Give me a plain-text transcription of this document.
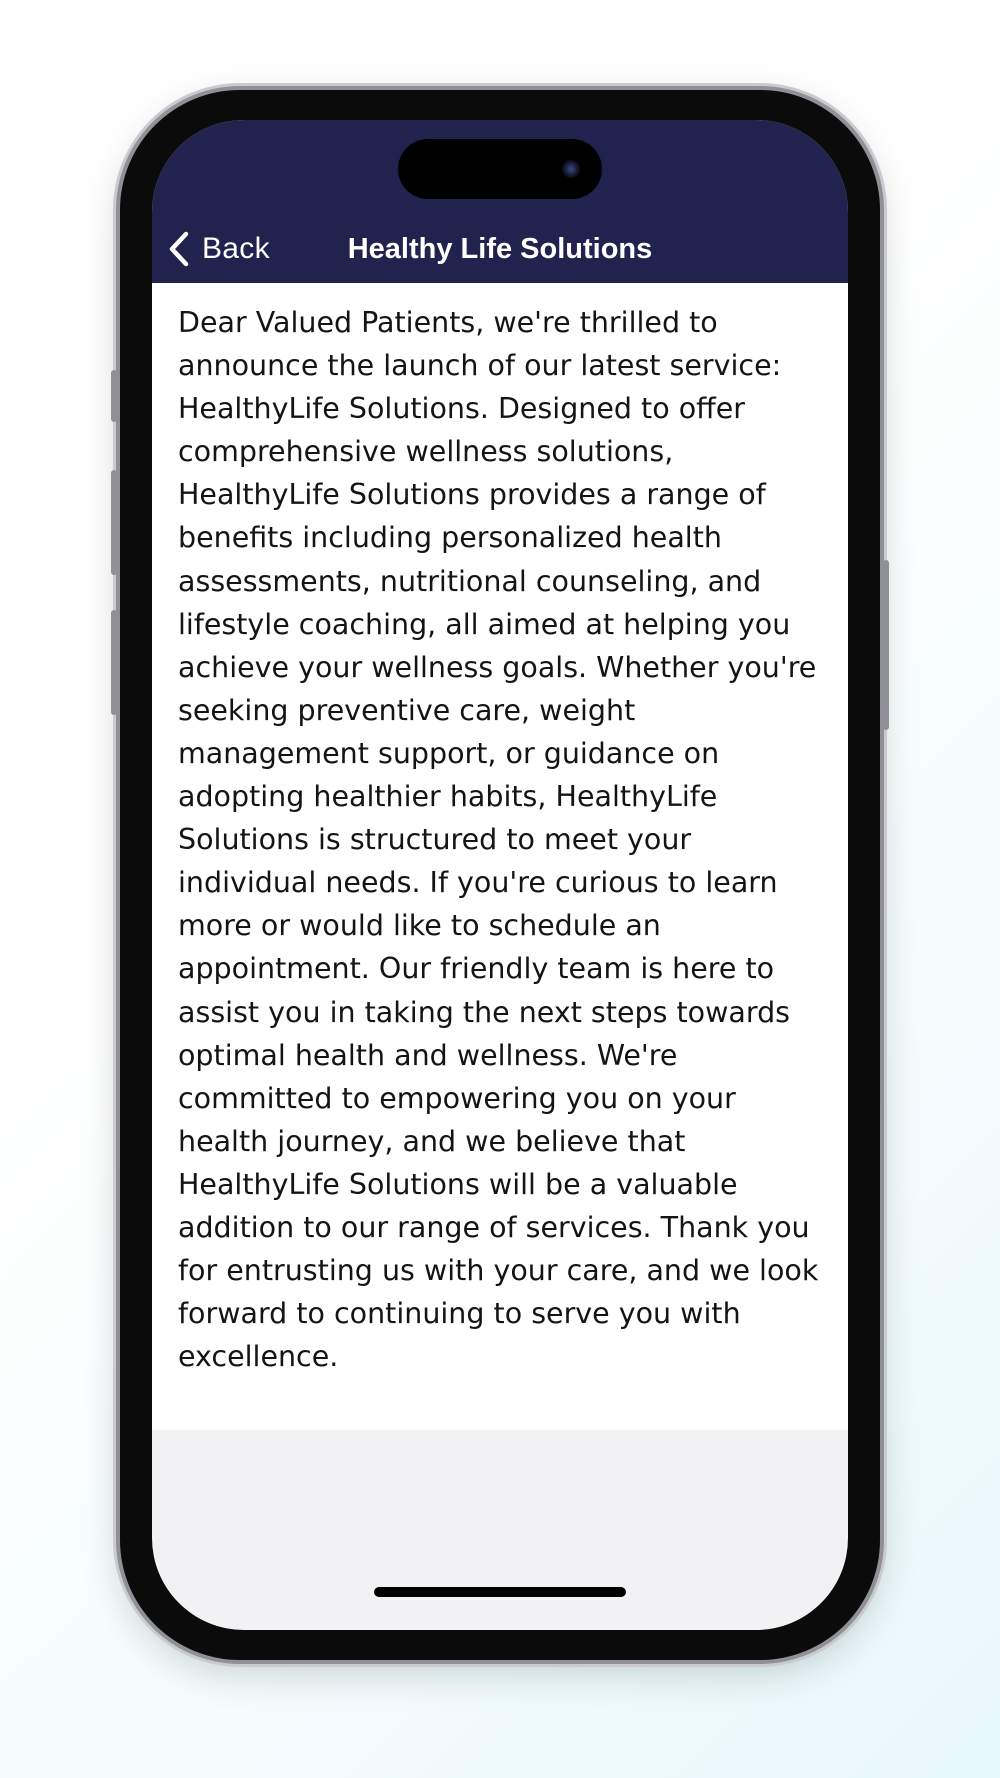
Back	Healthy Life Solutions

Dear Valued Patients, we're thrilled to announce the launch of our latest service: HealthyLife Solutions. Designed to offer comprehensive wellness solutions, HealthyLife Solutions provides a range of benefits including personalized health assessments, nutritional counseling, and lifestyle coaching, all aimed at helping you achieve your wellness goals. Whether you're seeking preventive care, weight management support, or guidance on adopting healthier habits, HealthyLife Solutions is structured to meet your individual needs. If you're curious to learn more or would like to schedule an appointment. Our friendly team is here to assist you in taking the next steps towards optimal health and wellness. We're committed to empowering you on your health journey, and we believe that HealthyLife Solutions will be a valuable addition to our range of services. Thank you for entrusting us with your care, and we look forward to continuing to serve you with excellence.
